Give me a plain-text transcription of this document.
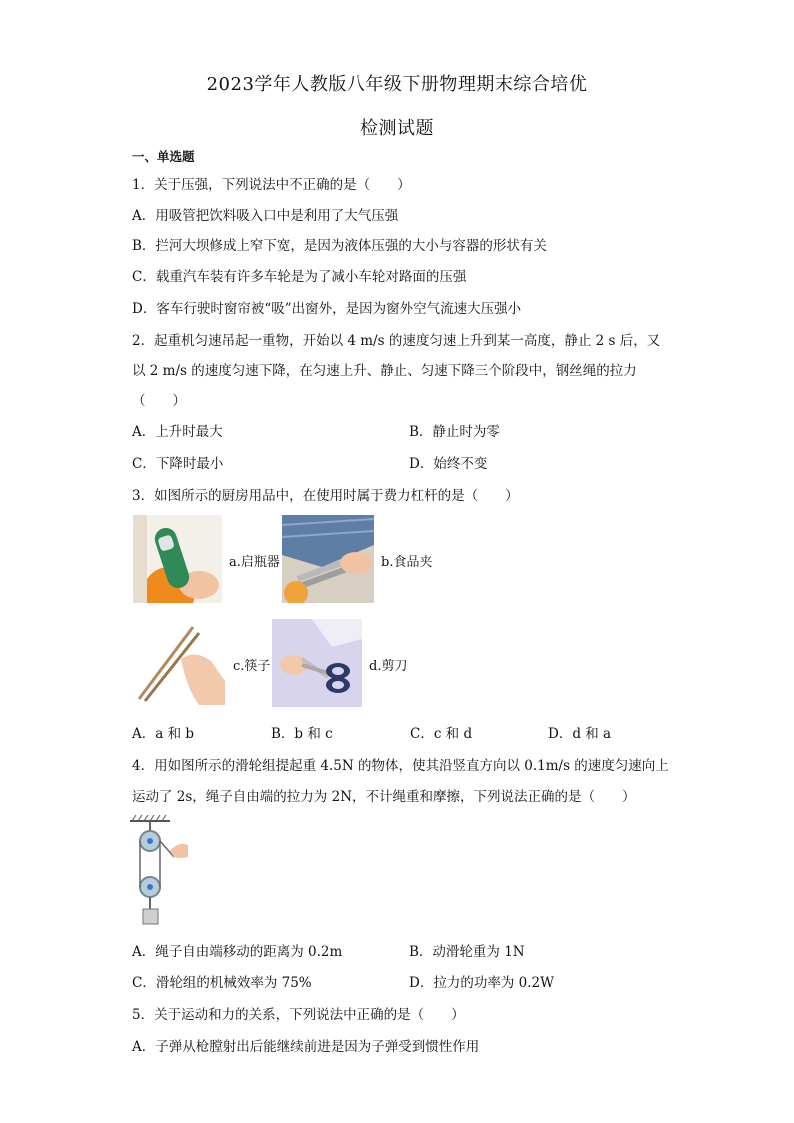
2023学年人教版八年级下册物理期末综合培优
检测试题
一、单选题
1．关于压强，下列说法中不正确的是（　　）
A．用吸管把饮料吸入口中是利用了大气压强
B．拦河大坝修成上窄下宽，是因为液体压强的大小与容器的形状有关
C．载重汽车装有许多车轮是为了减小车轮对路面的压强
D．客车行驶时窗帘被“吸”出窗外，是因为窗外空气流速大压强小
2．起重机匀速吊起一重物，开始以 4 m/s 的速度匀速上升到某一高度，静止 2 s 后，又
以 2 m/s 的速度匀速下降，在匀速上升、静止、匀速下降三个阶段中，钢丝绳的拉力
（　　）
A．上升时最大	B．静止时为零
C．下降时最小	D．始终不变
3．如图所示的厨房用品中，在使用时属于费力杠杆的是（　　）
a.启瓶器	b.食品夹
c.筷子	d.剪刀
A．a 和 b	B．b 和 c	C．c 和 d	D．d 和 a
4．用如图所示的滑轮组提起重 4.5N 的物体，使其沿竖直方向以 0.1m/s 的速度匀速向上
运动了 2s，绳子自由端的拉力为 2N，不计绳重和摩擦，下列说法正确的是（　　）
A．绳子自由端移动的距离为 0.2m	B．动滑轮重为 1N
C．滑轮组的机械效率为 75%	D．拉力的功率为 0.2W
5．关于运动和力的关系，下列说法中正确的是（　　）
A．子弹从枪膛射出后能继续前进是因为子弹受到惯性作用
